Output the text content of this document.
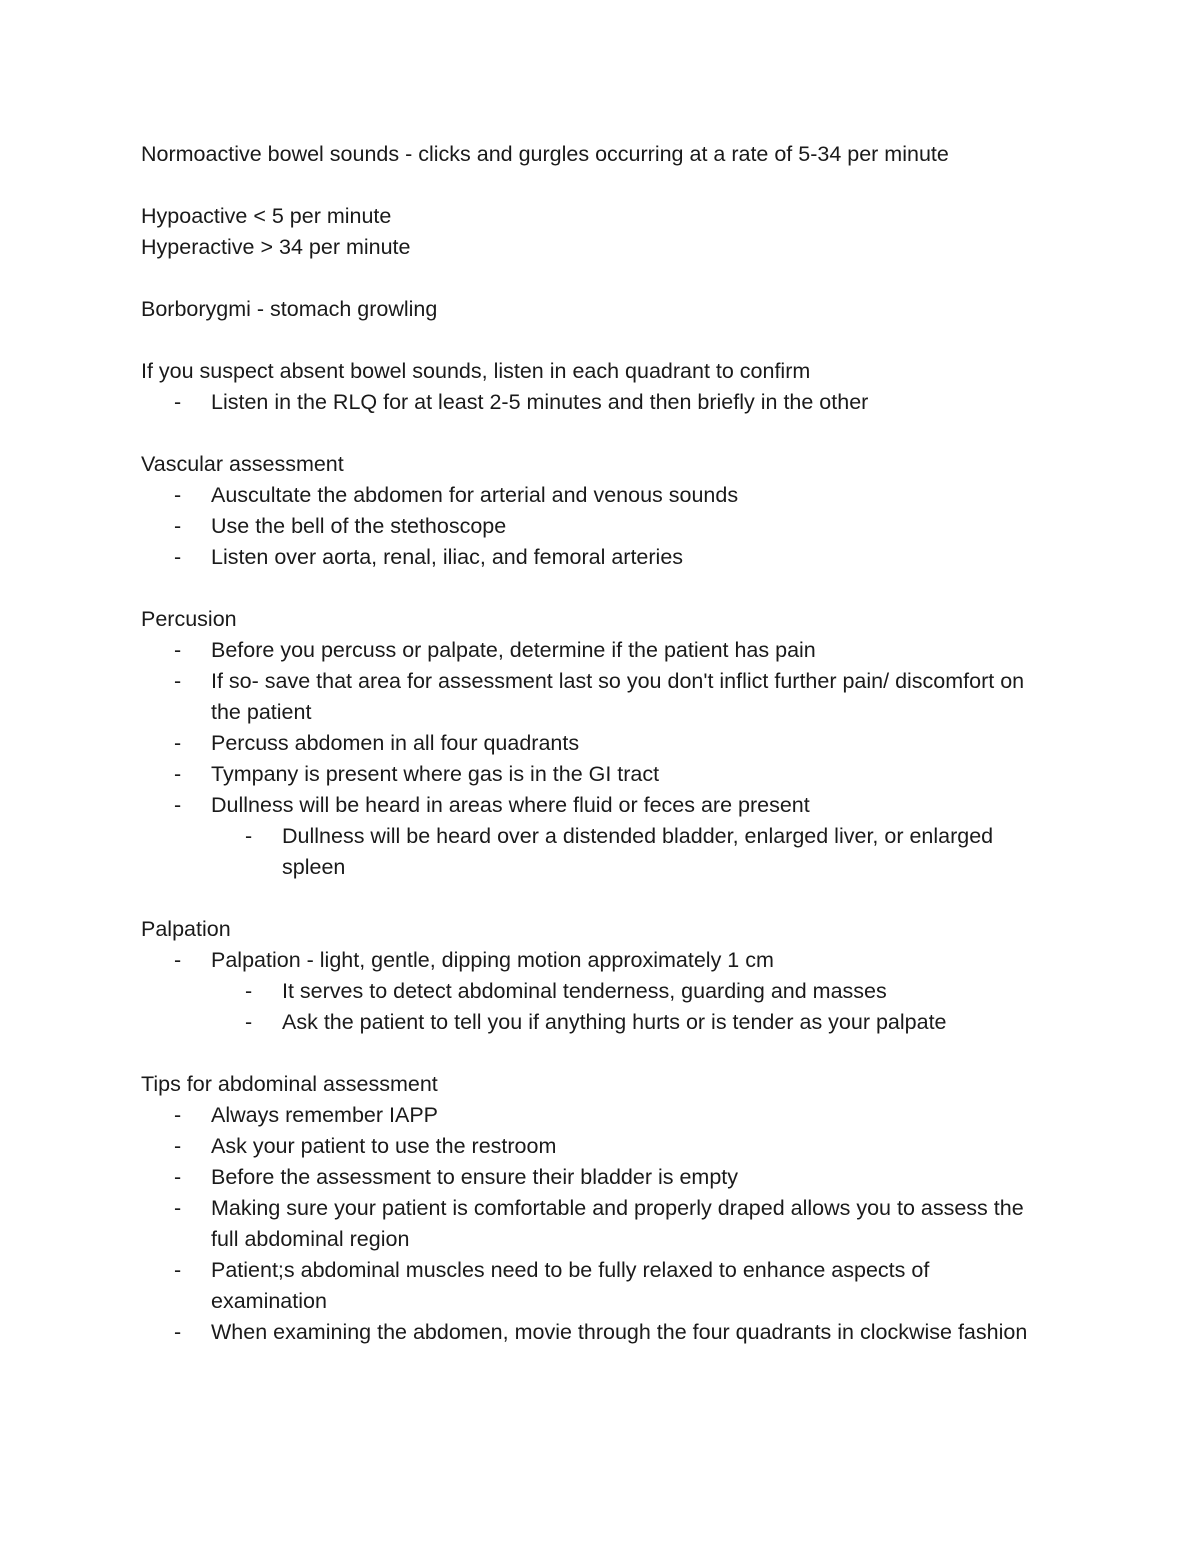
Normoactive bowel sounds - clicks and gurgles occurring at a rate of 5-34 per minute

Hypoactive < 5 per minute

Hyperactive > 34 per minute

Borborygmi - stomach growling

If you suspect absent bowel sounds, listen in each quadrant to confirm

- Listen in the RLQ for at least 2-5 minutes and then briefly in the other

Vascular assessment

- Auscultate the abdomen for arterial and venous sounds
- Use the bell of the stethoscope
- Listen over aorta, renal, iliac, and femoral arteries

Percusion

- Before you percuss or palpate, determine if the patient has pain
- If so- save that area for assessment last so you don't inflict further pain/ discomfort on the patient
- Percuss abdomen in all four quadrants
- Tympany is present where gas is in the GI tract
- Dullness will be heard in areas where fluid or feces are present
- Dullness will be heard over a distended bladder, enlarged liver, or enlarged spleen

Palpation

- Palpation - light, gentle, dipping motion approximately 1 cm
- It serves to detect abdominal tenderness, guarding and masses
- Ask the patient to tell you if anything hurts or is tender as your palpate

Tips for abdominal assessment

- Always remember IAPP
- Ask your patient to use the restroom
- Before the assessment to ensure their bladder is empty
- Making sure your patient is comfortable and properly draped allows you to assess the full abdominal region
- Patient;s abdominal muscles need to be fully relaxed to enhance aspects of examination
- When examining the abdomen, movie through the four quadrants in clockwise fashion
